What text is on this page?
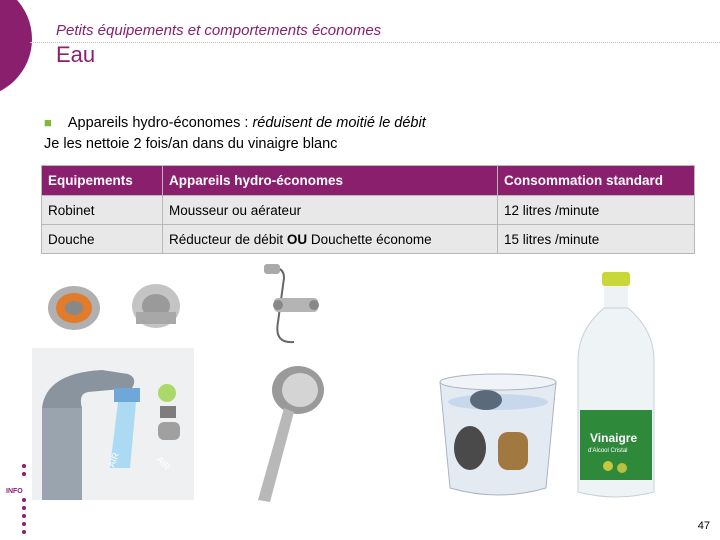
Petits équipements et comportements économes
Eau
■ Appareils hydro-économes : réduisent de moitié le débit
Je les nettoie 2 fois/an dans du vinaigre blanc
Equipements	Appareils hydro-économes	Consommation standard
Robinet	Mousseur ou aérateur	12 litres /minute
Douche	Réducteur de débit OU Douchette économe	15 litres /minute
AIR	AIR
Vinaigre
d'Alcool Cristal
INFO
47
